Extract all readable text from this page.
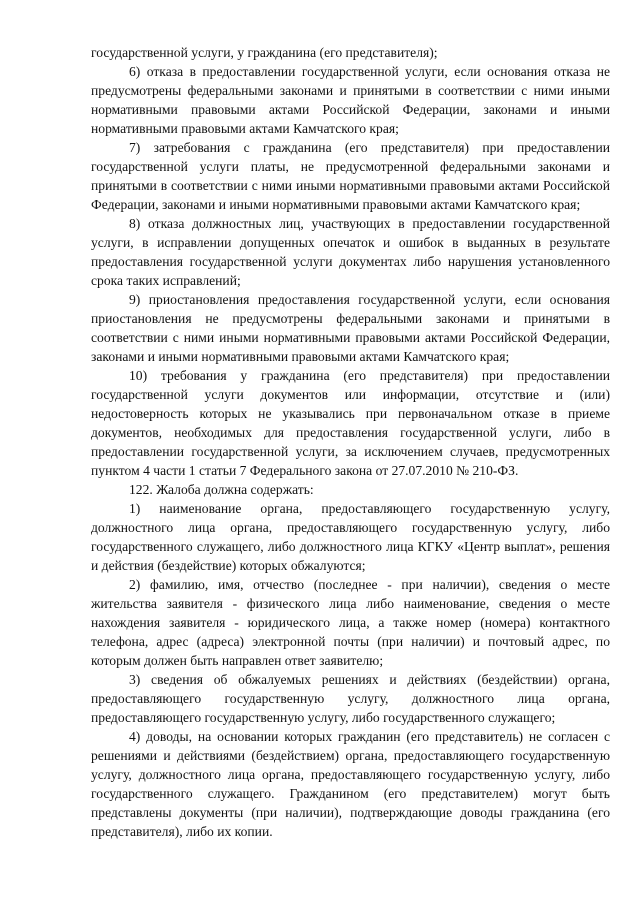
государственной услуги, у гражданина (его представителя);

6) отказа в предоставлении государственной услуги, если основания отказа не предусмотрены федеральными законами и принятыми в соответствии с ними иными нормативными правовыми актами Российской Федерации, законами и иными нормативными правовыми актами Камчатского края;

7) затребования с гражданина (его представителя) при предоставлении государственной услуги платы, не предусмотренной федеральными законами и принятыми в соответствии с ними иными нормативными правовыми актами Российской Федерации, законами и иными нормативными правовыми актами Камчатского края;

8) отказа должностных лиц, участвующих в предоставлении государственной услуги, в исправлении допущенных опечаток и ошибок в выданных в результате предоставления государственной услуги документах либо нарушения установленного срока таких исправлений;

9) приостановления предоставления государственной услуги, если основания приостановления не предусмотрены федеральными законами и принятыми в соответствии с ними иными нормативными правовыми актами Российской Федерации, законами и иными нормативными правовыми актами Камчатского края;

10) требования у гражданина (его представителя) при предоставлении государственной услуги документов или информации, отсутствие и (или) недостоверность которых не указывались при первоначальном отказе в приеме документов, необходимых для предоставления государственной услуги, либо в предоставлении государственной услуги, за исключением случаев, предусмотренных пунктом 4 части 1 статьи 7 Федерального закона от 27.07.2010 № 210-ФЗ.

122. Жалоба должна содержать:

1) наименование органа, предоставляющего государственную услугу, должностного лица органа, предоставляющего государственную услугу, либо государственного служащего, либо должностного лица КГКУ «Центр выплат», решения и действия (бездействие) которых обжалуются;

2) фамилию, имя, отчество (последнее - при наличии), сведения о месте жительства заявителя - физического лица либо наименование, сведения о месте нахождения заявителя - юридического лица, а также номер (номера) контактного телефона, адрес (адреса) электронной почты (при наличии) и почтовый адрес, по которым должен быть направлен ответ заявителю;

3) сведения об обжалуемых решениях и действиях (бездействии) органа, предоставляющего государственную услугу, должностного лица органа, предоставляющего государственную услугу, либо государственного служащего;

4) доводы, на основании которых гражданин (его представитель) не согласен с решениями и действиями (бездействием) органа, предоставляющего государственную услугу, должностного лица органа, предоставляющего государственную услугу, либо государственного служащего. Гражданином (его представителем) могут быть представлены документы (при наличии), подтверждающие доводы гражданина (его представителя), либо их копии.
